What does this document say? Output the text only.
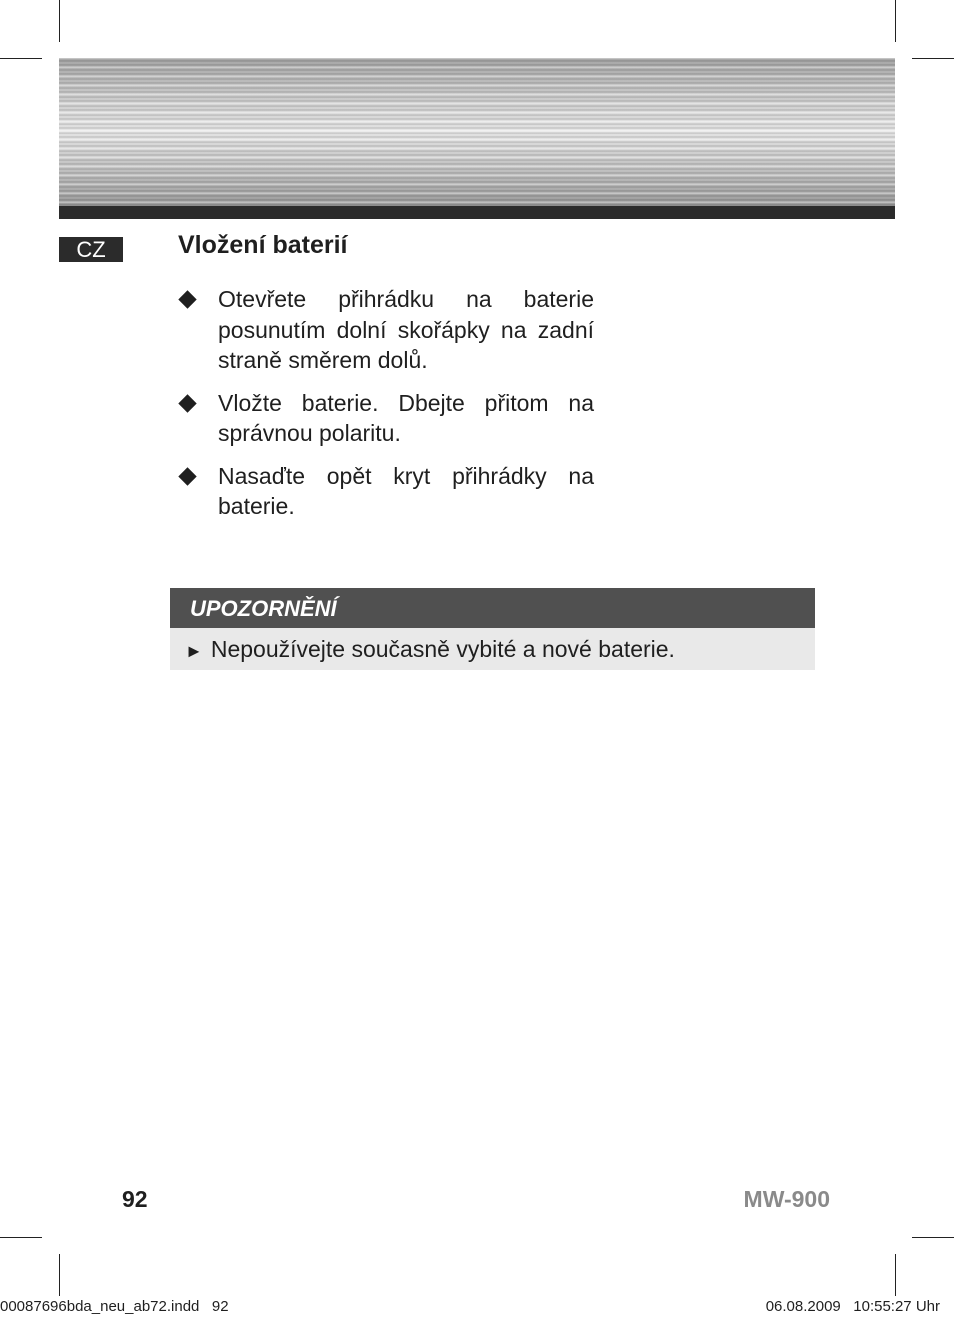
CZ	Vložení baterií
Otevřete přihrádku na baterie posunutím dolní skořápky na zadní straně směrem dolů.
Vložte baterie. Dbejte přitom na správnou polaritu.
Nasaďte opět kryt přihrádky na baterie.
UPOZORNĚNÍ
► Nepoužívejte současně vybité a nové baterie.
92	MW-900
00087696bda_neu_ab72.indd   92	06.08.2009   10:55:27 Uhr
